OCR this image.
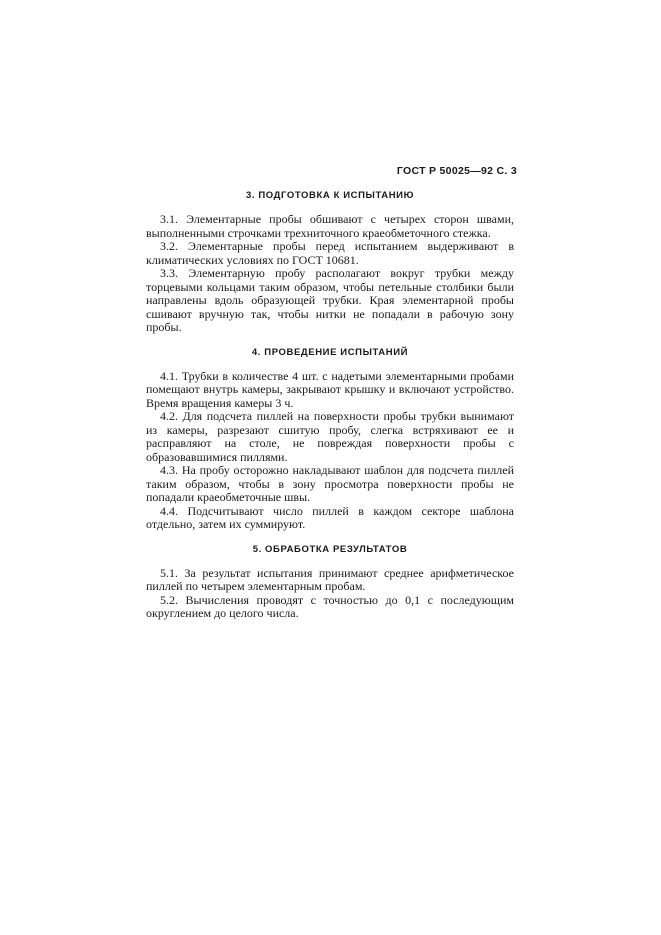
ГОСТ Р 50025—92 С. 3
3. ПОДГОТОВКА К ИСПЫТАНИЮ

3.1. Элементарные пробы обшивают с четырех сторон швами, выполненными строчками трехниточного краеобметочного стежка.

3.2. Элементарные пробы перед испытанием выдерживают в климатических условиях по ГОСТ 10681.

3.3. Элементарную пробу располагают вокруг трубки между торцевыми кольцами таким образом, чтобы петельные столбики были направлены вдоль образующей трубки. Края элементарной пробы сшивают вручную так, чтобы нитки не попадали в рабочую зону пробы.

4. ПРОВЕДЕНИЕ ИСПЫТАНИЙ

4.1. Трубки в количестве 4 шт. с надетыми элементарными пробами помещают внутрь камеры, закрывают крышку и включают устройство. Время вращения камеры 3 ч.

4.2. Для подсчета пиллей на поверхности пробы трубки вынимают из камеры, разрезают сшитую пробу, слегка встряхивают ее и расправляют на столе, не повреждая поверхности пробы с образовавшимися пиллями.

4.3. На пробу осторожно накладывают шаблон для подсчета пиллей таким образом, чтобы в зону просмотра поверхности пробы не попадали краеобметочные швы.

4.4. Подсчитывают число пиллей в каждом секторе шаблона отдельно, затем их суммируют.

5. ОБРАБОТКА РЕЗУЛЬТАТОВ

5.1. За результат испытания принимают среднее арифметическое пиллей по четырем элементарным пробам.

5.2. Вычисления проводят с точностью до 0,1 с последующим округлением до целого числа.
